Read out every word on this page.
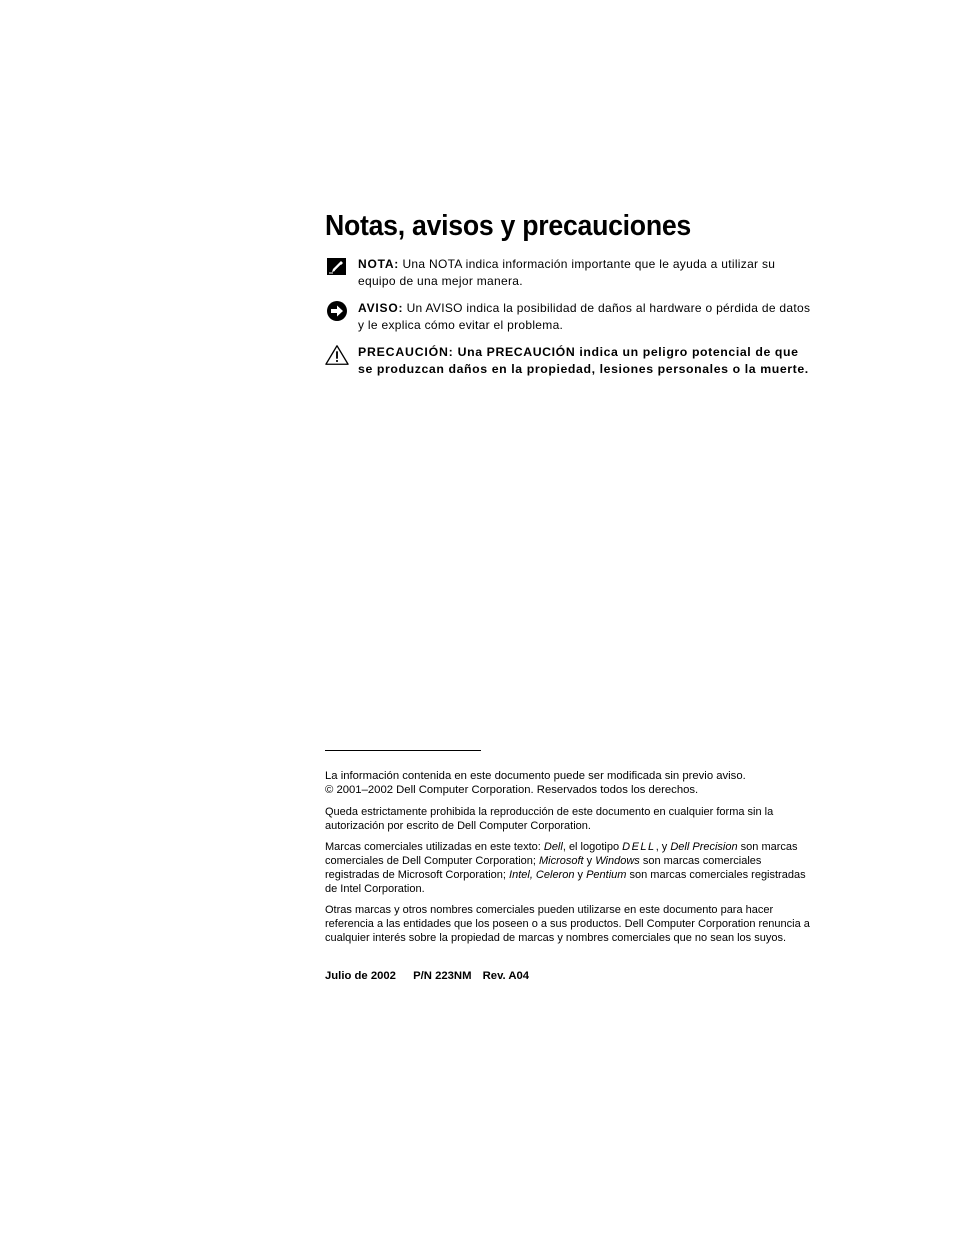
Notas, avisos y precauciones
NOTA: Una NOTA indica información importante que le ayuda a utilizar su equipo de una mejor manera.
AVISO: Un AVISO indica la posibilidad de daños al hardware o pérdida de datos y le explica cómo evitar el problema.
PRECAUCIÓN: Una PRECAUCIÓN indica un peligro potencial de que se produzcan daños en la propiedad, lesiones personales o la muerte.

La información contenida en este documento puede ser modificada sin previo aviso.
© 2001–2002 Dell Computer Corporation. Reservados todos los derechos.

Queda estrictamente prohibida la reproducción de este documento en cualquier forma sin la autorización por escrito de Dell Computer Corporation.

Marcas comerciales utilizadas en este texto: Dell, el logotipo DELL, y Dell Precision son marcas comerciales de Dell Computer Corporation; Microsoft y Windows son marcas comerciales registradas de Microsoft Corporation; Intel, Celeron y Pentium son marcas comerciales registradas de Intel Corporation.

Otras marcas y otros nombres comerciales pueden utilizarse en este documento para hacer referencia a las entidades que los poseen o a sus productos. Dell Computer Corporation renuncia a cualquier interés sobre la propiedad de marcas y nombres comerciales que no sean los suyos.

Julio de 2002 P/N 223NM Rev. A04
